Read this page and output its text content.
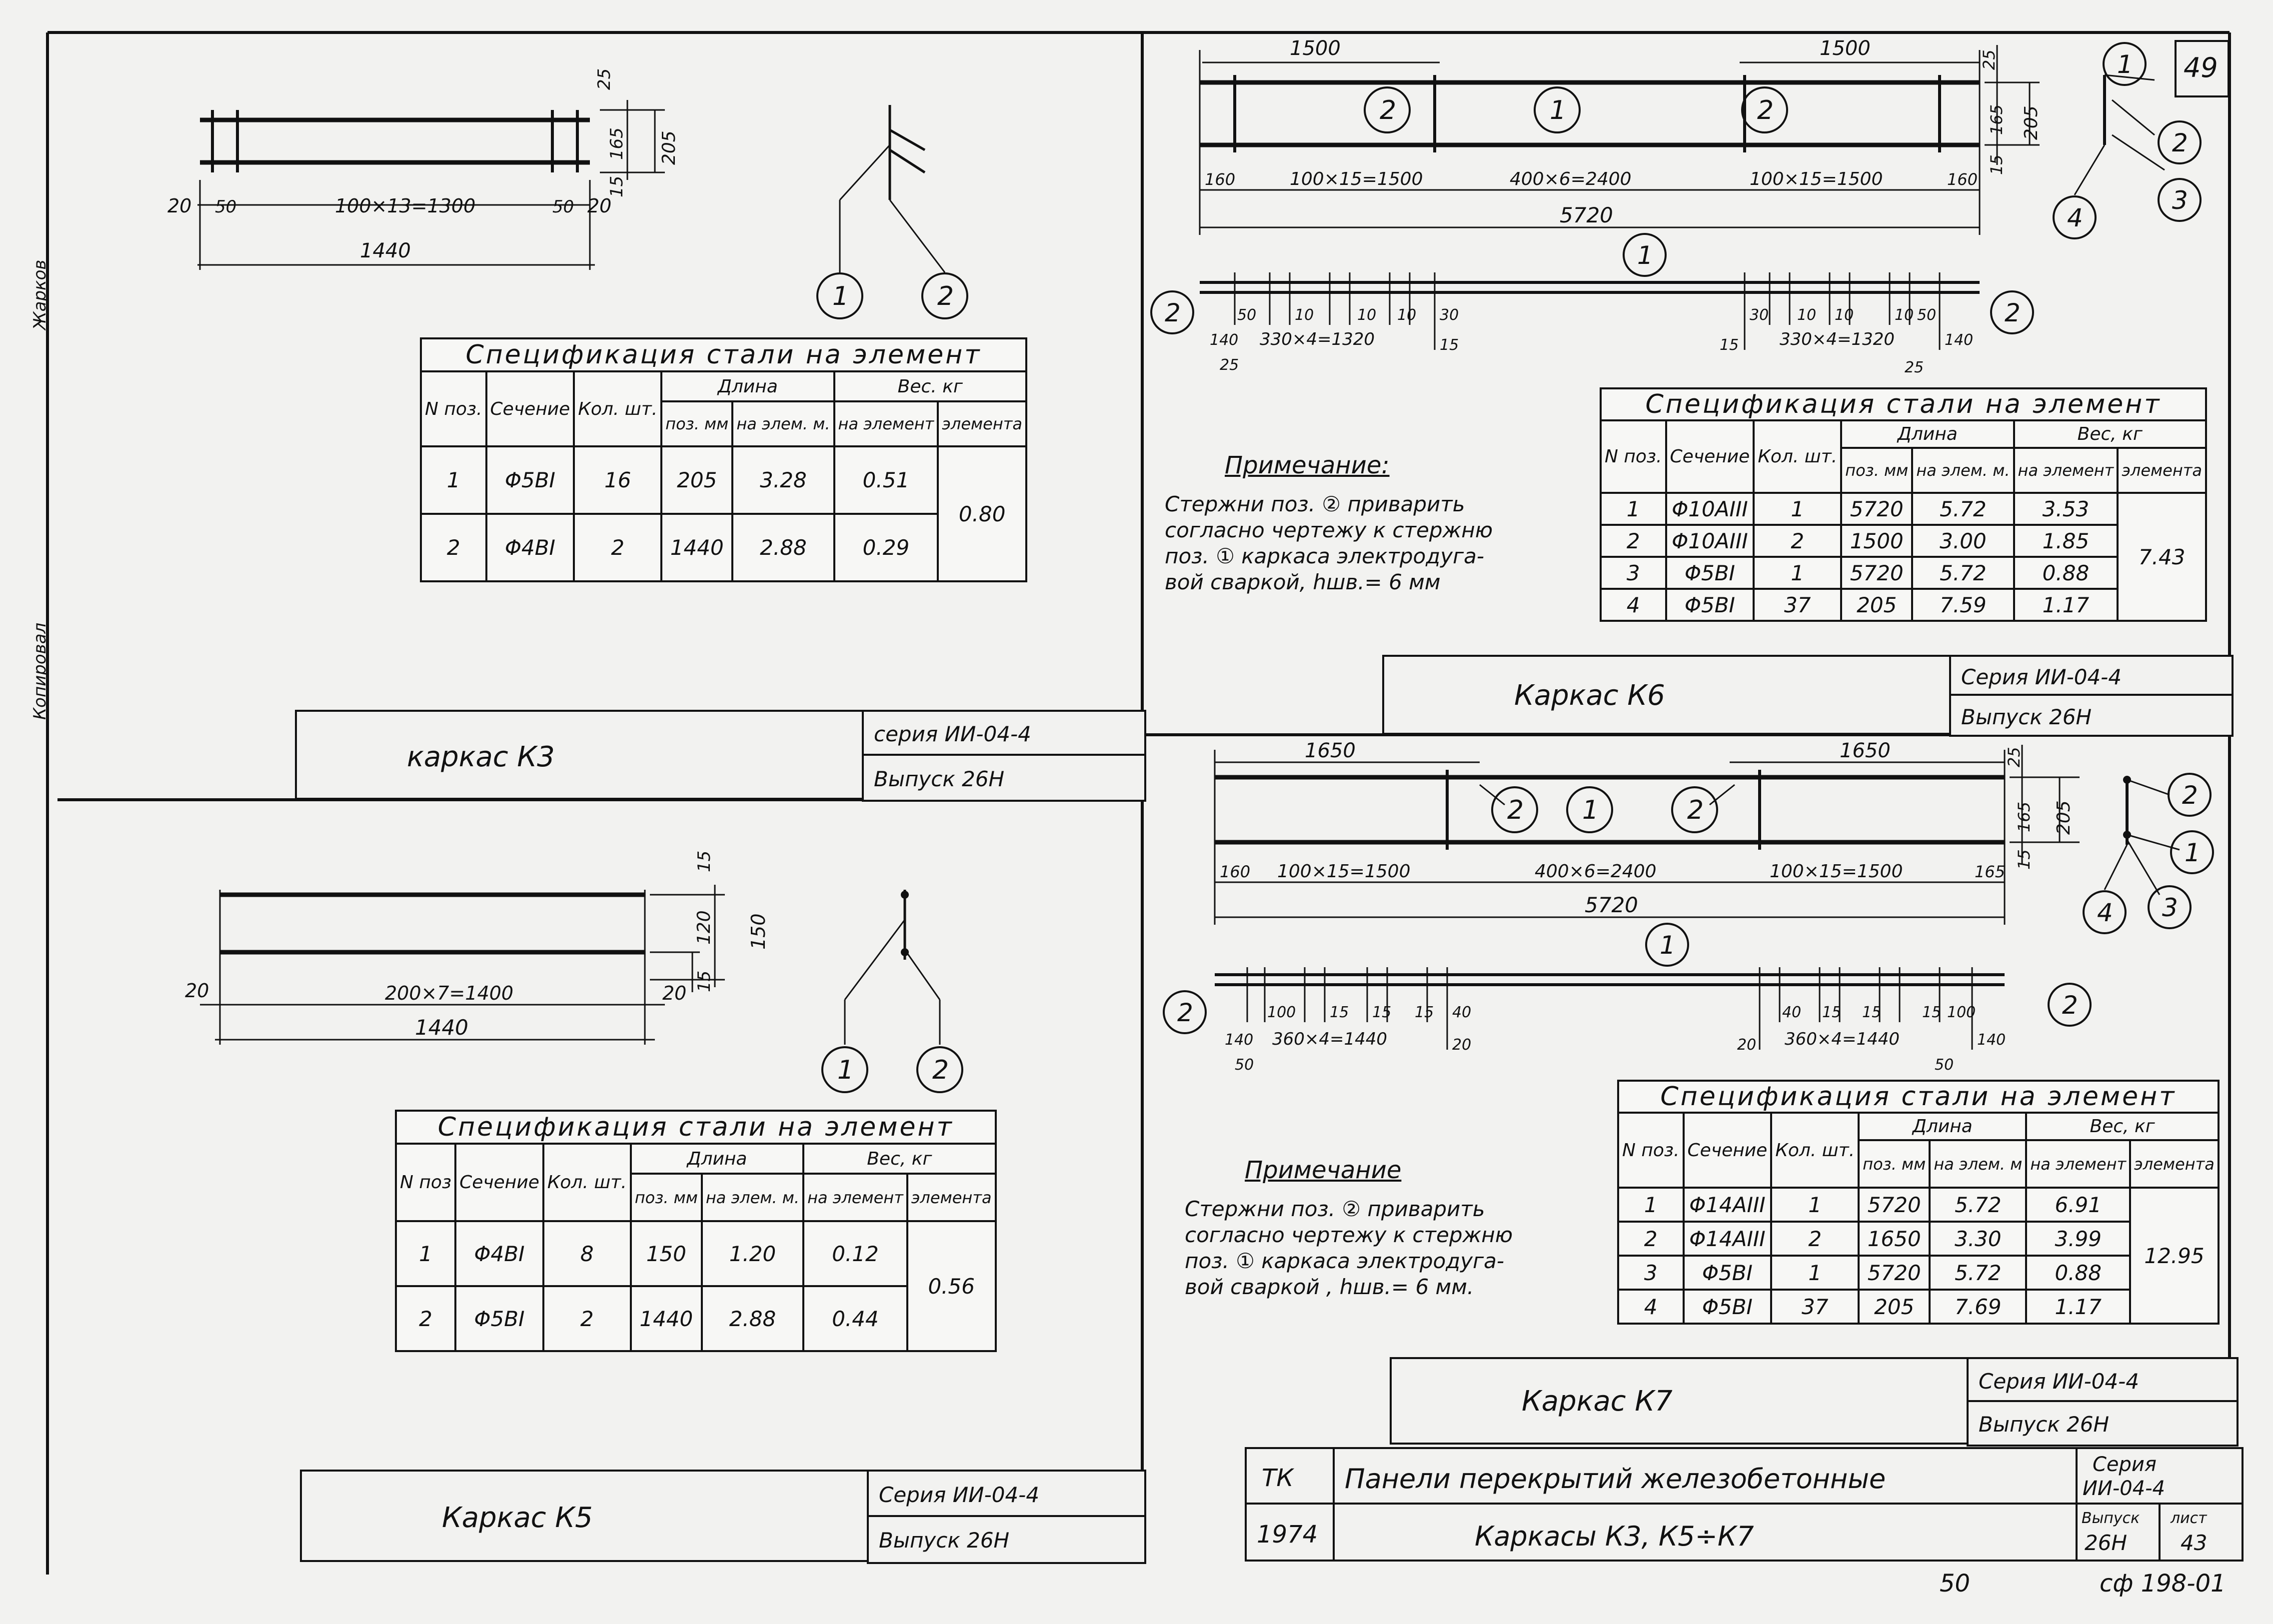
1	2
25
165 205
15
20 50	100×13=1300	50 20
1440
1	2
15
120 150
15
20	200×7=1400	20
1440
2	1	2
1
2
3
4
2
1
2
1500	1500	25
165 205
15
160	100×15=1500	400×6=2400	100×15=1500	160
5720
50	10	10 10 30
140 330×4=1320	15
25
15
30 10 10	10 50
330×4=1320	140
25
2 1	2	2
1
3
4
2
1
2
1650	1650	25
165 205
15
160 100×15=1500	400×6=2400	100×15=1500	165
5720
100 15 15 15 40
140 360×4=1440	20
50
20
40 15 15	15 100
360×4=1440	140
50
Копировал
Жарков
49
Спецификация стали на элемент						
N поз.	Сечение	Кол. шт.	Длина		Вес. кг	
			поз. мм	на элем. м.	на элемент	элемента
1	Φ5ВI	16	205	3.28	0.51	0.80
2	Φ4ВI	2	1440	2.88	0.29	
каркас К3
серия ИИ-04-4
Выпуск 26Н
Спецификация стали на элемент						
N поз	Сечение	Кол. шт.	Длина		Вес, кг	
			поз. мм	на элем. м.	на элемент	элемента
1	Φ4ВI	8	150	1.20	0.12	0.56
2	Φ5ВI	2	1440	2.88	0.44	
Каркас К5
Серия ИИ-04-4
Выпуск 26Н
Примечание:
Стержни поз. ② приварить
согласно чертежу к стержню
поз. ① каркаса электродуга-
вой сваркой, hшв.= 6 мм
Спецификация стали на элемент						
N поз.	Сечение	Кол. шт.	Длина		Вес, кг	
			поз. мм	на элем. м.	на элемент	элемента
1	Φ10АIII	1	5720	5.72	3.53	7.43
2	Φ10АIII	2	1500	3.00	1.85	
3	Φ5ВI	1	5720	5.72	0.88	
4	Φ5ВI	37	205	7.59	1.17	
Каркас К6
Серия ИИ-04-4
Выпуск 26Н
Примечание
Стержни поз. ② приварить
согласно чертежу к стержню
поз. ① каркаса электродуга-
вой сваркой , hшв.= 6 мм.
Спецификация стали на элемент						
N поз.	Сечение	Кол. шт.	Длина		Вес, кг	
			поз. мм	на элем. м	на элемент	элемента
1	Φ14АIII	1	5720	5.72	6.91	12.95
2	Φ14АIII	2	1650	3.30	3.99	
3	Φ5ВI	1	5720	5.72	0.88	
4	Φ5ВI	37	205	7.69	1.17	
Каркас К7
Серия ИИ-04-4
Выпуск 26Н
ТК
1974
Панели перекрытий железобетонные
Каркасы К3, К5÷К7
Серия
ИИ-04-4
Выпуск
26Н
лист
43
50	сф 198-01
